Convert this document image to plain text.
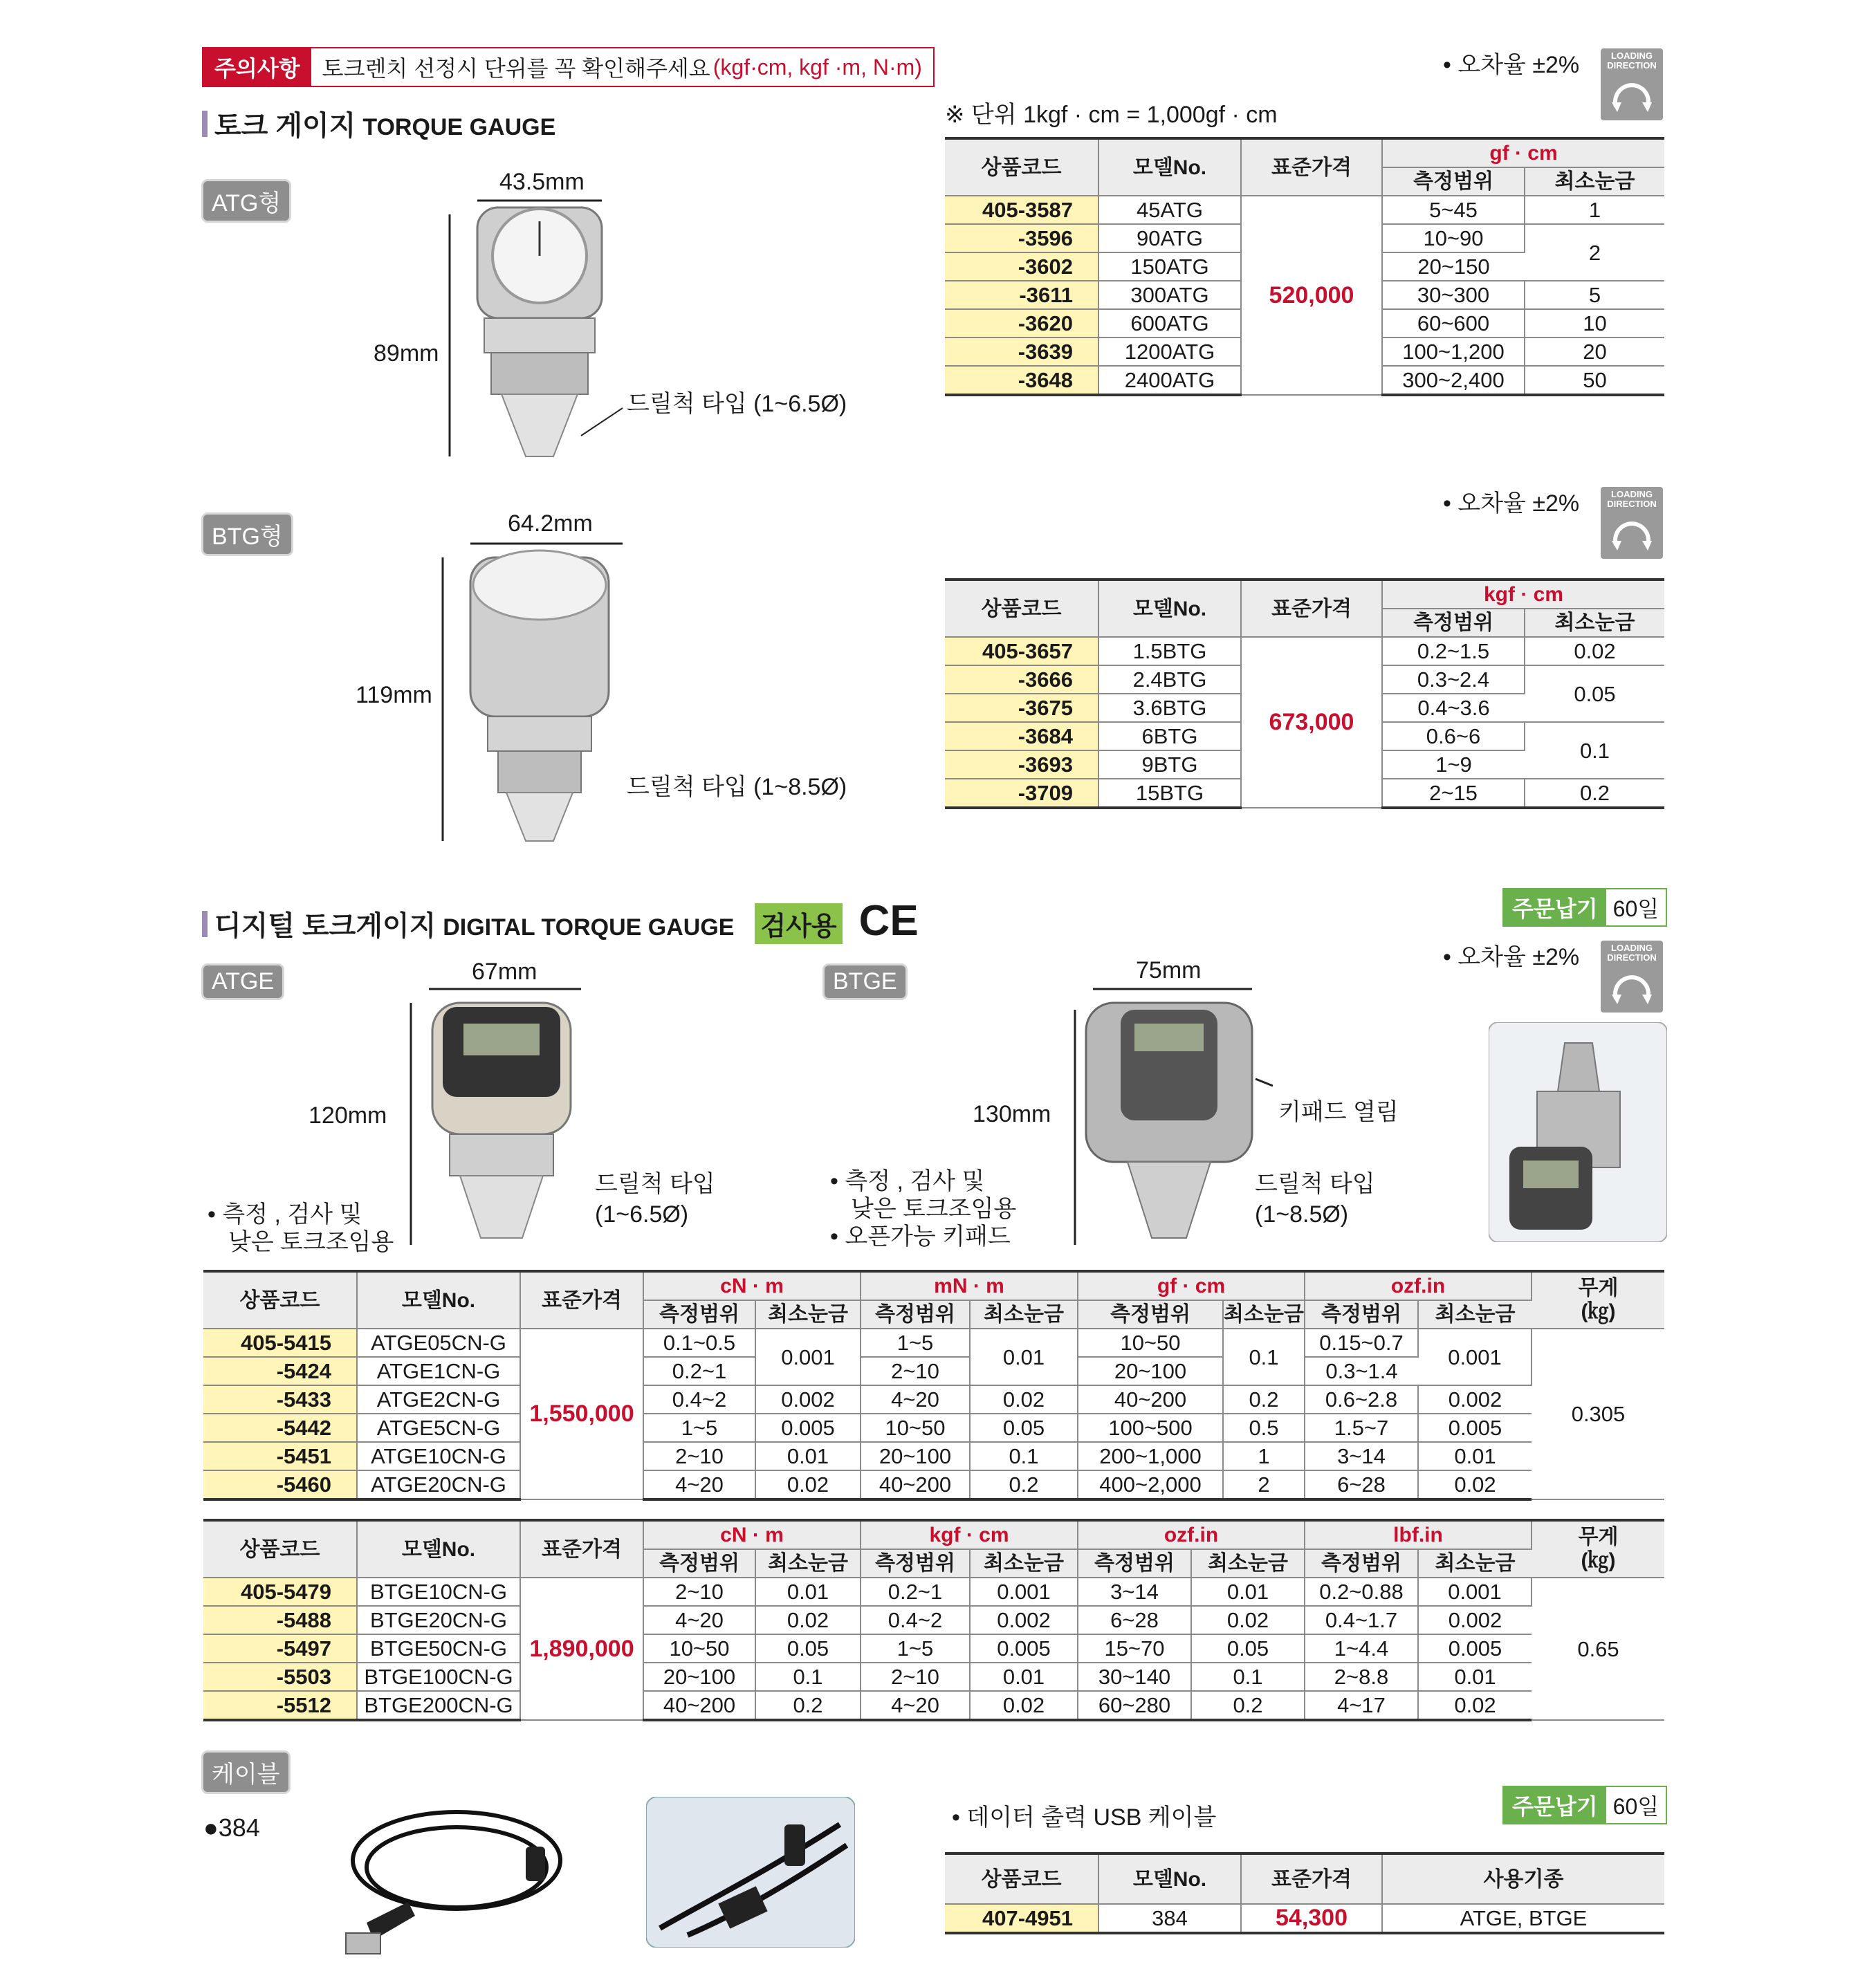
주의사항	토크렌치 선정시 단위를 꼭 확인해주세요 (kgf·cm, kgf ·m, N·m)
토크 게이지 TORQUE GAUGE
• 오차율 ±2%	LOADING DIRECTION
※ 단위 1kgf · cm = 1,000gf · cm
ATG형
43.5mm
89mm
드릴척 타입 (1~6.5Ø)
상품코드	모델No.	표준가격	gf · cm	
			측정범위	최소눈금
405-3587	45ATG	520,000	5~45	1
-3596	90ATG		10~90	2
-3602	150ATG		20~150	
-3611	300ATG		30~300	5
-3620	600ATG		60~600	10
-3639	1200ATG		100~1,200	20
-3648	2400ATG		300~2,400	50
• 오차율 ±2%	LOADING DIRECTION
BTG형	64.2mm
119mm
드릴척 타입 (1~8.5Ø)
상품코드	모델No.	표준가격	kgf · cm	
			측정범위	최소눈금
405-3657	1.5BTG	673,000	0.2~1.5	0.02
-3666	2.4BTG		0.3~2.4	0.05
-3675	3.6BTG		0.4~3.6	
-3684	6BTG		0.6~6	0.1
-3693	9BTG		1~9	
-3709	15BTG		2~15	0.2
디지털 토크게이지 DIGITAL TORQUE GAUGE 검사용 CE	주문납기 60일
• 오차율 ±2%	LOADING DIRECTION
ATGE	67mm
120mm
드릴척 타입
(1~6.5Ø)
• 측정 , 검사 및
낮은 토크조임용
BTGE	75mm
130mm	키패드 열림
드릴척 타입
(1~8.5Ø)
• 측정 , 검사 및
낮은 토크조임용
• 오픈가능 키패드
상품코드	모델No.	표준가격	cN · m		mN · m		gf · cm		ozf.in		무게
(㎏)

			측정범위	최소눈금	측정범위	최소눈금	측정범위	최소눈금	측정범위	최소눈금	
405-5415	ATGE05CN-G	1,550,000	0.1~0.5	0.001	1~5	0.01	10~50	0.1	0.15~0.7	0.001	0.305
-5424	ATGE1CN-G		0.2~1		2~10		20~100		0.3~1.4		
-5433	ATGE2CN-G		0.4~2	0.002	4~20	0.02	40~200	0.2	0.6~2.8	0.002	
-5442	ATGE5CN-G		1~5	0.005	10~50	0.05	100~500	0.5	1.5~7	0.005	
-5451	ATGE10CN-G		2~10	0.01	20~100	0.1	200~1,000	1	3~14	0.01	
-5460	ATGE20CN-G		4~20	0.02	40~200	0.2	400~2,000	2	6~28	0.02	
상품코드	모델No.	표준가격	cN · m		kgf · cm		ozf.in		lbf.in		무게
(㎏)

			측정범위	최소눈금	측정범위	최소눈금	측정범위	최소눈금	측정범위	최소눈금	
405-5479	BTGE10CN-G	1,890,000	2~10	0.01	0.2~1	0.001	3~14	0.01	0.2~0.88	0.001	0.65
-5488	BTGE20CN-G		4~20	0.02	0.4~2	0.002	6~28	0.02	0.4~1.7	0.002	
-5497	BTGE50CN-G		10~50	0.05	1~5	0.005	15~70	0.05	1~4.4	0.005	
-5503	BTGE100CN-G		20~100	0.1	2~10	0.01	30~140	0.1	2~8.8	0.01	
-5512	BTGE200CN-G		40~200	0.2	4~20	0.02	60~280	0.2	4~17	0.02	
케이블
●384	• 데이터 출력 USB 케이블	주문납기 60일
상품코드	모델No.	표준가격	사용기종
407-4951	384	54,300	ATGE, BTGE
